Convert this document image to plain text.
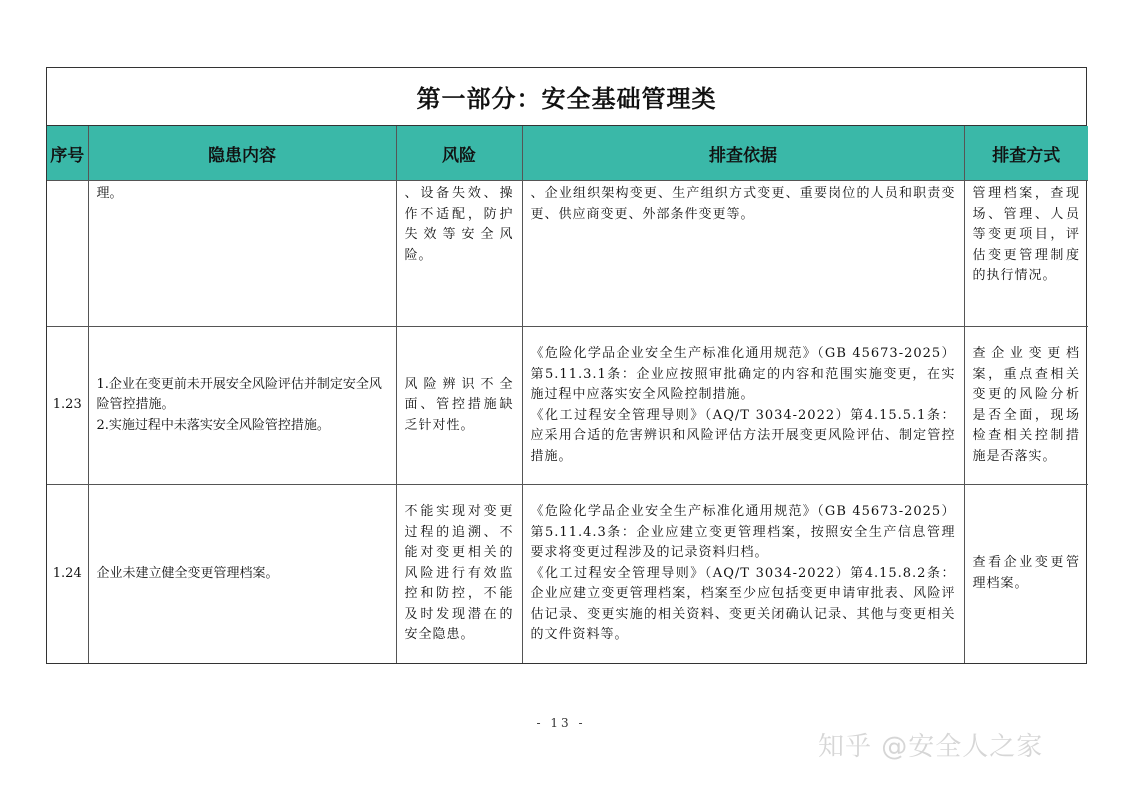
第一部分：安全基础管理类
序号	隐患内容	风险	排查依据	排查方式

	理。	、设备失效、操作不适配，防护失效等安全风险。	、企业组织架构变更、生产组织方式变更、重要岗位的人员和职责变更、供应商变更、外部条件变更等。	管理档案，查现场、管理、人员等变更项目，评估变更管理制度的执行情况。
1.23	1.企业在变更前未开展安全风险评估并制定安全风险管控措施。
2.实施过程中未落实安全风险管控措施。	风险辨识不全面、管控措施缺乏针对性。	《危险化学品企业安全生产标准化通用规范》（GB 45673-2025）第5.11.3.1条：企业应按照审批确定的内容和范围实施变更，在实施过程中应落实安全风险控制措施。
《化工过程安全管理导则》（AQ/T 3034-2022）第4.15.5.1条：应采用合适的危害辨识和风险评估方法开展变更风险评估、制定管控措施。	查企业变更档案，重点查相关变更的风险分析是否全面，现场检查相关控制措施是否落实。
1.24	企业未建立健全变更管理档案。	不能实现对变更过程的追溯、不能对变更相关的风险进行有效监控和防控，不能及时发现潜在的安全隐患。	《危险化学品企业安全生产标准化通用规范》（GB 45673-2025）第5.11.4.3条：企业应建立变更管理档案，按照安全生产信息管理要求将变更过程涉及的记录资料归档。
《化工过程安全管理导则》（AQ/T 3034-2022）第4.15.8.2条：企业应建立变更管理档案，档案至少应包括变更申请审批表、风险评估记录、变更实施的相关资料、变更关闭确认记录、其他与变更相关的文件资料等。	查看企业变更管理档案。
- 13 -
知乎 @安全人之家
